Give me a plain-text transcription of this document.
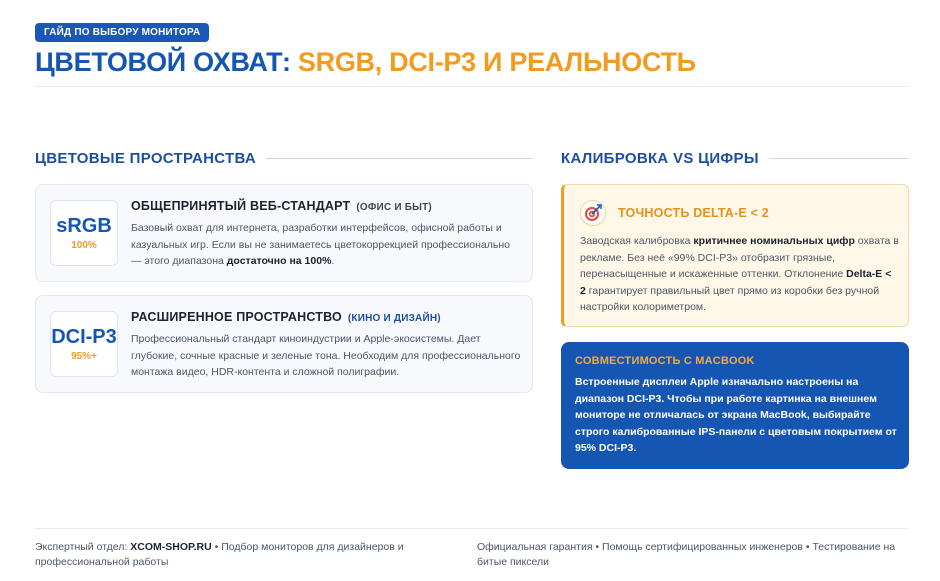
ГАЙД ПО ВЫБОРУ МОНИТОРА
ЦВЕТОВОЙ ОХВАТ: SRGB, DCI-P3 И РЕАЛЬНОСТЬ
ЦВЕТОВЫЕ ПРОСТРАНСТВА
sRGB
100%
ОБЩЕПРИНЯТЫЙ ВЕБ-СТАНДАРТ (ОФИС И БЫТ)
Базовый охват для интернета, разработки интерфейсов, офисной работы и казуальных игр. Если вы не занимаетесь цветокоррекцией профессионально — этого диапазона достаточно на 100%.
DCI-P3
95%+
РАСШИРЕННОЕ ПРОСТРАНСТВО (КИНО И ДИЗАЙН)
Профессиональный стандарт киноиндустрии и Apple-экосистемы. Дает глубокие, сочные красные и зеленые тона. Необходим для профессионального монтажа видео, HDR-контента и сложной полиграфии.
КАЛИБРОВКА VS ЦИФРЫ
ТОЧНОСТЬ DELTA-E < 2
Заводская калибровка критичнее номинальных цифр охвата в рекламе. Без неё «99% DCI-P3» отобразит грязные, перенасыщенные и искаженные оттенки. Отклонение Delta-E < 2 гарантирует правильный цвет прямо из коробки без ручной настройки колориметром.
СОВМЕСТИМОСТЬ С MACBOOK
Встроенные дисплеи Apple изначально настроены на диапазон DCI-P3. Чтобы при работе картинка на внешнем мониторе не отличалась от экрана MacBook, выбирайте строго калиброванные IPS-панели с цветовым покрытием от 95% DCI-P3.
Экспертный отдел: XCOM-SHOP.RU • Подбор мониторов для дизайнеров и профессиональной работы
Официальная гарантия • Помощь сертифицированных инженеров • Тестирование на битые пиксели
